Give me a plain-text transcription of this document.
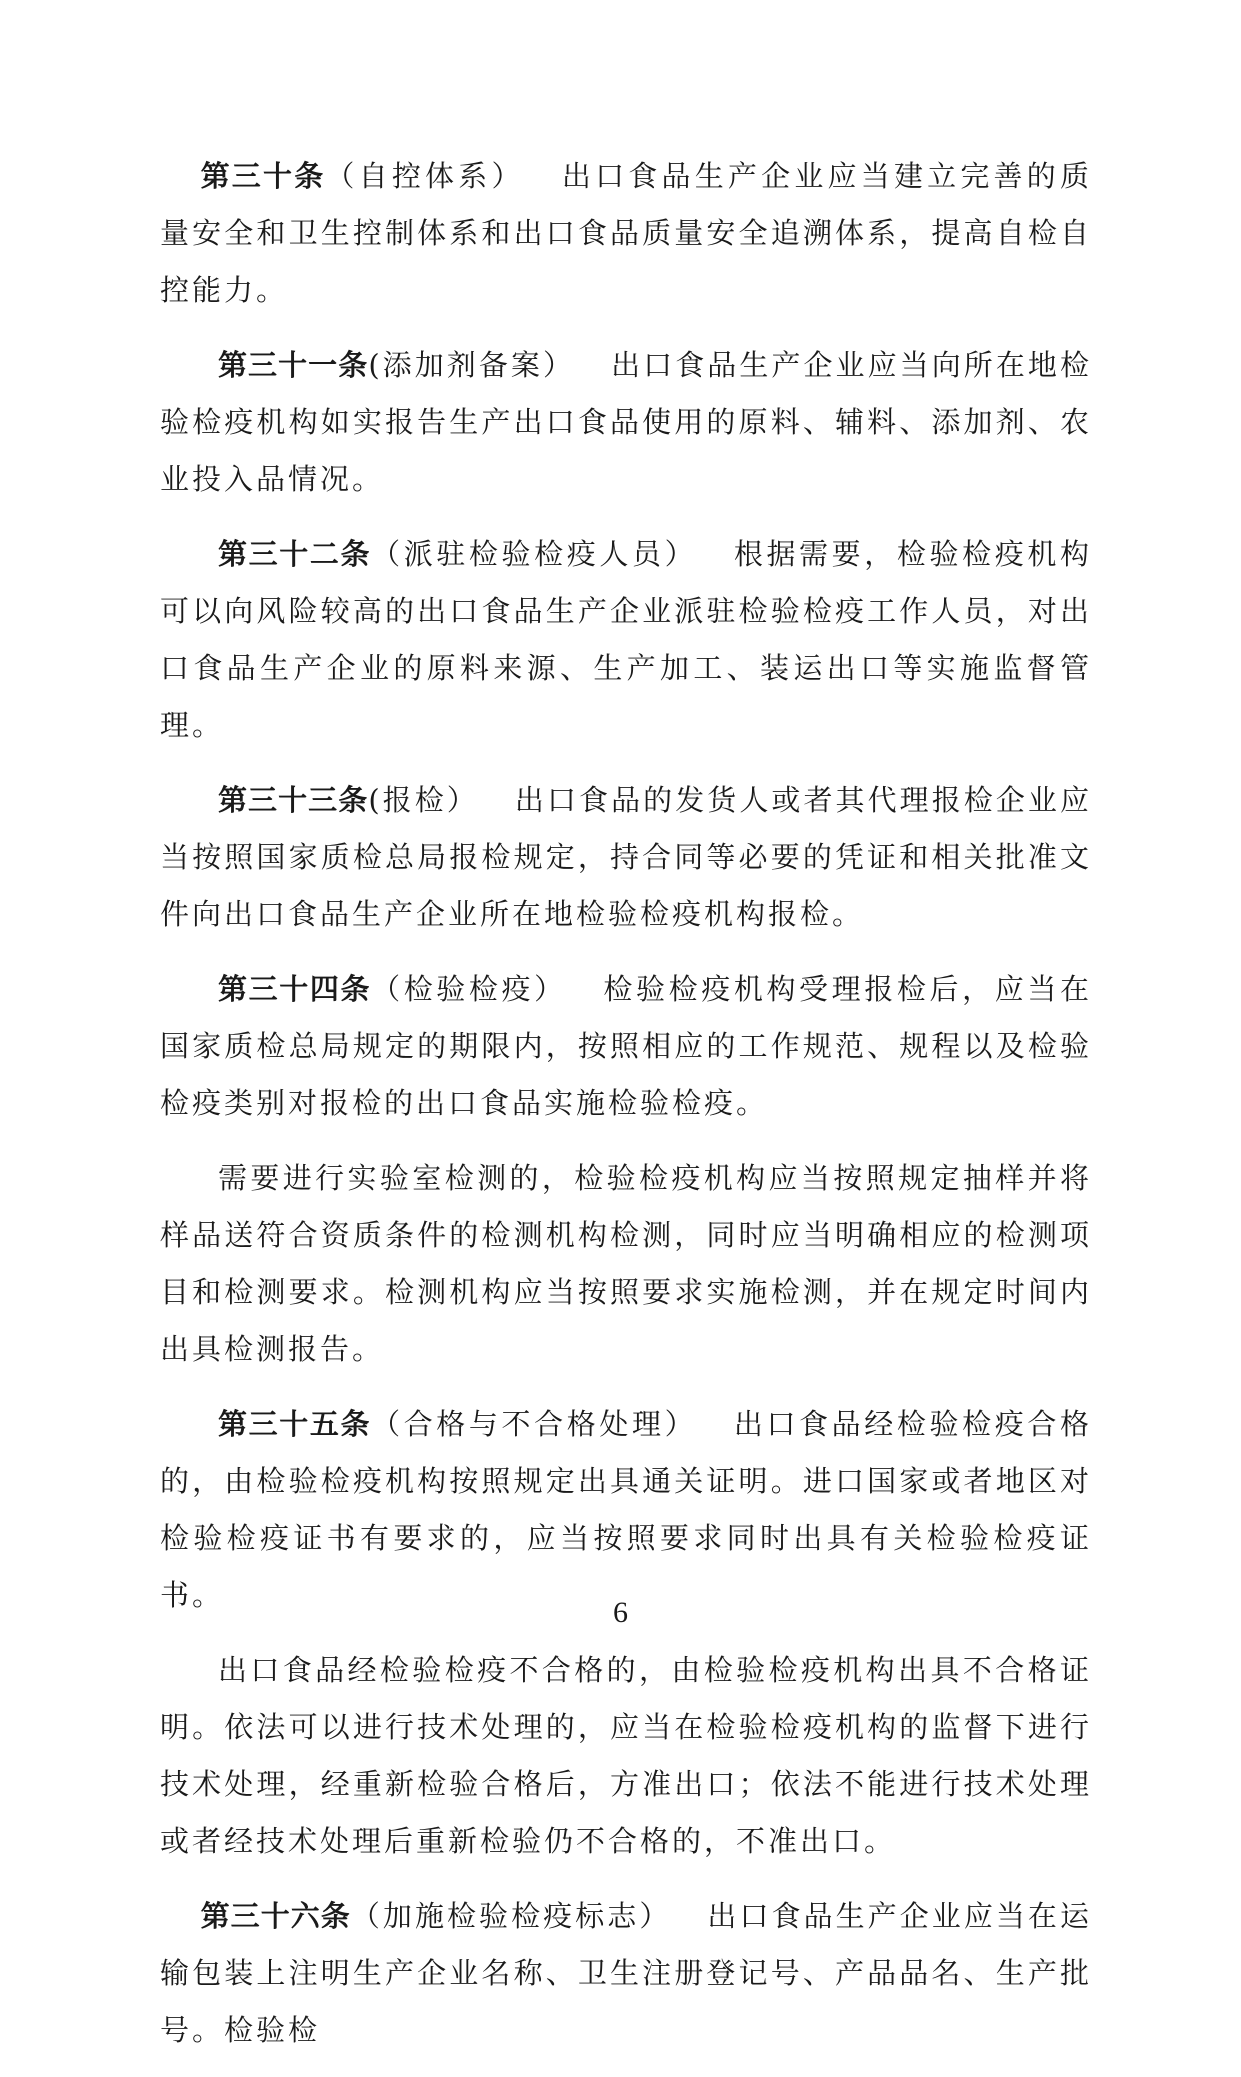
第三十条（自控体系） 出口食品生产企业应当建立完善的质量安全和卫生控制体系和出口食品质量安全追溯体系，提高自检自控能力。

第三十一条(添加剂备案） 出口食品生产企业应当向所在地检验检疫机构如实报告生产出口食品使用的原料、辅料、添加剂、农业投入品情况。

第三十二条（派驻检验检疫人员） 根据需要，检验检疫机构可以向风险较高的出口食品生产企业派驻检验检疫工作人员，对出口食品生产企业的原料来源、生产加工、装运出口等实施监督管理。

第三十三条(报检） 出口食品的发货人或者其代理报检企业应当按照国家质检总局报检规定，持合同等必要的凭证和相关批准文件向出口食品生产企业所在地检验检疫机构报检。

第三十四条（检验检疫） 检验检疫机构受理报检后，应当在国家质检总局规定的期限内，按照相应的工作规范、规程以及检验检疫类别对报检的出口食品实施检验检疫。

需要进行实验室检测的，检验检疫机构应当按照规定抽样并将样品送符合资质条件的检测机构检测，同时应当明确相应的检测项目和检测要求。检测机构应当按照要求实施检测，并在规定时间内出具检测报告。

第三十五条（合格与不合格处理） 出口食品经检验检疫合格的，由检验检疫机构按照规定出具通关证明。进口国家或者地区对检验检疫证书有要求的，应当按照要求同时出具有关检验检疫证书。

出口食品经检验检疫不合格的，由检验检疫机构出具不合格证明。依法可以进行技术处理的，应当在检验检疫机构的监督下进行技术处理，经重新检验合格后，方准出口；依法不能进行技术处理或者经技术处理后重新检验仍不合格的，不准出口。

第三十六条（加施检验检疫标志） 出口食品生产企业应当在运输包装上注明生产企业名称、卫生注册登记号、产品品名、生产批号。检验检

6
